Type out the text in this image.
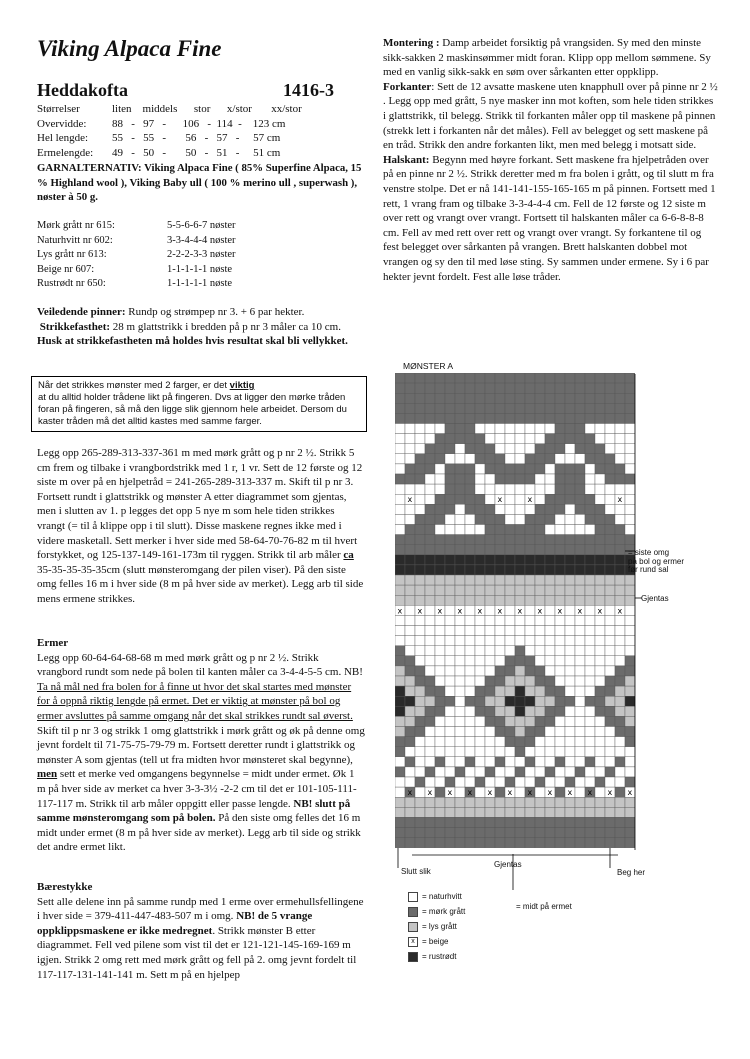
Viking Alpaca Fine
Heddakofta	1416-3
Størrelser	liten    middels      stor      x/stor       xx/stor
Overvidde:	88   -   97   -      106   -  114  -    123 cm
Hel lengde:	55   -   55   -       56   -   57   -     57 cm
Ermelengde:	49   -   50   -       50   -   51   -     51 cm
GARNALTERNATIV: Viking Alpaca Fine ( 85% Superfine Alpaca, 15 % Highland wool ), Viking Baby ull ( 100 % merino ull , superwash ), nøster à 50 g.
Mørk grått nr 615:	5-5-6-6-7 nøster
Naturhvitt nr 602:	3-3-4-4-4 nøster
Lys grått nr 613:	2-2-2-3-3 nøster
Beige nr 607:	1-1-1-1-1 nøste
Rustrødt nr 650:	1-1-1-1-1 nøste
Veiledende pinner: Rundp og strømpep nr 3. + 6 par hekter.
Strikkefasthet: 28 m glattstrikk i bredden på p nr 3 måler ca 10 cm. Husk at strikkefastheten må holdes hvis resultat skal bli vellykket.
Når det strikkes mønster med 2 farger, er det viktig
at du alltid holder trådene likt på fingeren. Dvs at ligger den mørke tråden foran på fingeren, så må den ligge slik gjennom hele arbeidet. Dersom du kaster tråden må det alltid kastes med samme farger.
Legg opp 265-289-313-337-361 m med mørk grått og p nr 2 ½. Strikk 5 cm frem og tilbake i vrangbordstrikk med 1 r, 1 vr. Sett de 12 første og 12 siste m over på en hjelpetråd = 241-265-289-313-337 m. Skift til p nr 3. Fortsett rundt i glattstrikk og mønster A etter diagrammet som gjentas, men i slutten av 1. p legges det opp 5 nye m som hele tiden strikkes vrangt (= til å klippe opp i til slutt). Disse maskene regnes ikke med i videre masketall. Sett merker i hver side med 58-64-70-76-82 m til hvert forstykket, og 125-137-149-161-173m til ryggen. Strikk til arb måler ca 35-35-35-35-35cm (slutt mønsteromgang der pilen viser). På den siste omg felles 16 m i hver side (8 m på hver side av merket). Legg arb til side mens ermene strikkes.
Ermer
Legg opp 60-64-64-68-68 m med mørk grått og p nr 2 ½. Strikk vrangbord rundt som nede på bolen til kanten måler ca 3-4-4-5-5 cm. NB! Ta nå mål ned fra bolen for å finne ut hvor det skal startes med mønster for å oppnå riktig lengde på ermet. Det er viktig at mønster på bol og ermer avsluttes på samme omgang når det skal strikkes rundt sal øverst. Skift til p nr 3 og strikk 1 omg glattstrikk i mørk grått og øk på denne omg jevnt fordelt til 71-75-75-79-79 m. Fortsett deretter rundt i glattstrikk og mønster A som gjentas (tell ut fra midten hvor mønsteret skal begynne), men sett et merke ved omgangens begynnelse = midt under ermet. Øk 1 m på hver side av merket ca hver 3-3-3½ -2-2 cm til det er 101-105-111-117-117 m. Strikk til arb måler oppgitt eller passe lengde. NB! slutt på samme mønsteromgang som på bolen. På den siste omg felles det 16 m midt under ermet (8 m på hver side av merket). Legg arb til side og strikk det andre ermet likt.
Bærestykke
Sett alle delene inn på samme rundp med 1 erme over ermehullsfellingene i hver side = 379-411-447-483-507 m i omg. NB! de 5 vrange oppklippsmaskene er ikke medregnet. Strikk mønster B etter diagrammet. Fell ved pilene som vist til det er 121-121-145-169-169 m igjen. Strikk 2 omg rett med mørk grått og fell på 2. omg jevnt fordelt til 117-117-131-141-141 m. Sett m på en hjelpep
Montering : Damp arbeidet forsiktig på vrangsiden. Sy med den minste sikk-sakken 2 maskinsømmer midt foran. Klipp opp mellom sømmene. Sy med en vanlig sikk-sakk en søm over sårkanten etter oppklipp.
Forkanter: Sett de 12 avsatte maskene uten knapphull over på pinne nr 2 ½ . Legg opp med grått, 5 nye masker inn mot koften, som hele tiden strikkes i glattstrikk, til belegg. Strikk til forkanten måler opp til maskene på pinnen (strekk lett i forkanten når det måles). Fell av belegget og sett maskene på en tråd. Strikk den andre forkanten likt, men med belegg i motsatt side.
Halskant: Begynn med høyre forkant. Sett maskene fra hjelpetråden over på en pinne nr 2 ½. Strikk deretter med m fra bolen i grått, og til slutt m fra venstre stolpe. Det er nå 141-141-155-165-165 m på pinnen. Fortsett med 1 rett, 1 vrang fram og tilbake 3-3-4-4-4 cm. Fell de 12 første og 12 siste m over rett og vrangt over vrangt. Fortsett til halskanten måler ca 6-6-8-8-8 cm. Fell av med rett over rett og vrangt over vrangt. Sy forkantene til og fest belegget over sårkanten på vrangen. Brett halskanten dobbel mot vrangen og sy den til med løse sting. Sy sammen under ermene. Sy i 6 par hekter jevnt fordelt. Fest alle løse tråder.
MØNSTER A
x	x	x	x
x x x x x x x x x x x x
x x x x x x x x x x x x
= siste omg
på bol og ermer
før rund sal
Gjentas
Slutt slik
Gjentas
Beg her
= midt på ermet
= naturhvitt
= mørk grått
= lys grått
x = beige
= rustrødt
